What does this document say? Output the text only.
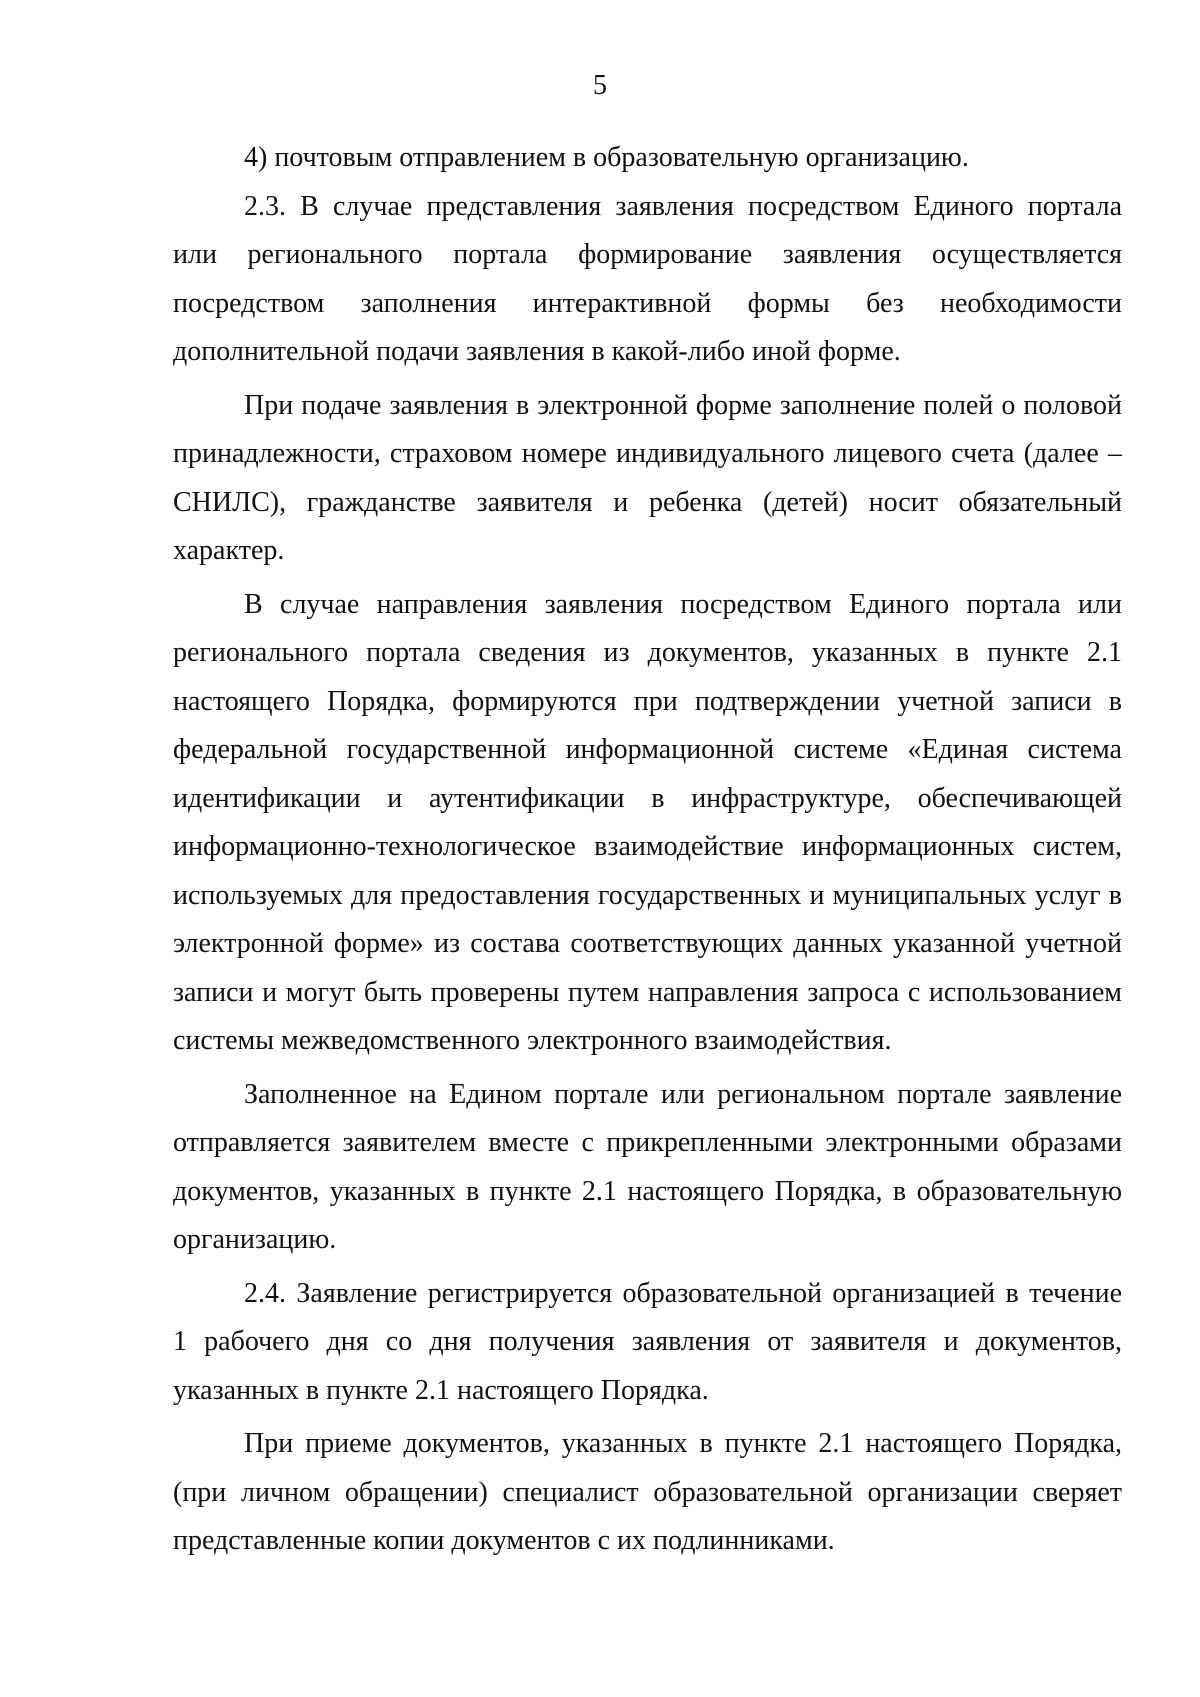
5

4) почтовым отправлением в образовательную организацию.

2.3. В случае представления заявления посредством Единого портала или регионального портала формирование заявления осуществляется посредством заполнения интерактивной формы без необходимости дополнительной подачи заявления в какой-либо иной форме.

При подаче заявления в электронной форме заполнение полей о половой принадлежности, страховом номере индивидуального лицевого счета (далее – СНИЛС), гражданстве заявителя и ребенка (детей) носит обязательный характер.

В случае направления заявления посредством Единого портала или регионального портала сведения из документов, указанных в пункте 2.1 настоящего Порядка, формируются при подтверждении учетной записи в федеральной государственной информационной системе «Единая система идентификации и аутентификации в инфраструктуре, обеспечивающей информационно-технологическое взаимодействие информационных систем, используемых для предоставления государственных и муниципальных услуг в электронной форме» из состава соответствующих данных указанной учетной записи и могут быть проверены путем направления запроса с использованием системы межведомственного электронного взаимодействия.

Заполненное на Едином портале или региональном портале заявление отправляется заявителем вместе с прикрепленными электронными образами документов, указанных в пункте 2.1 настоящего Порядка, в образовательную организацию.

2.4. Заявление регистрируется образовательной организацией в течение 1 рабочего дня со дня получения заявления от заявителя и документов, указанных в пункте 2.1 настоящего Порядка.

При приеме документов, указанных в пункте 2.1 настоящего Порядка, (при личном обращении) специалист образовательной организации сверяет представленные копии документов с их подлинниками.
